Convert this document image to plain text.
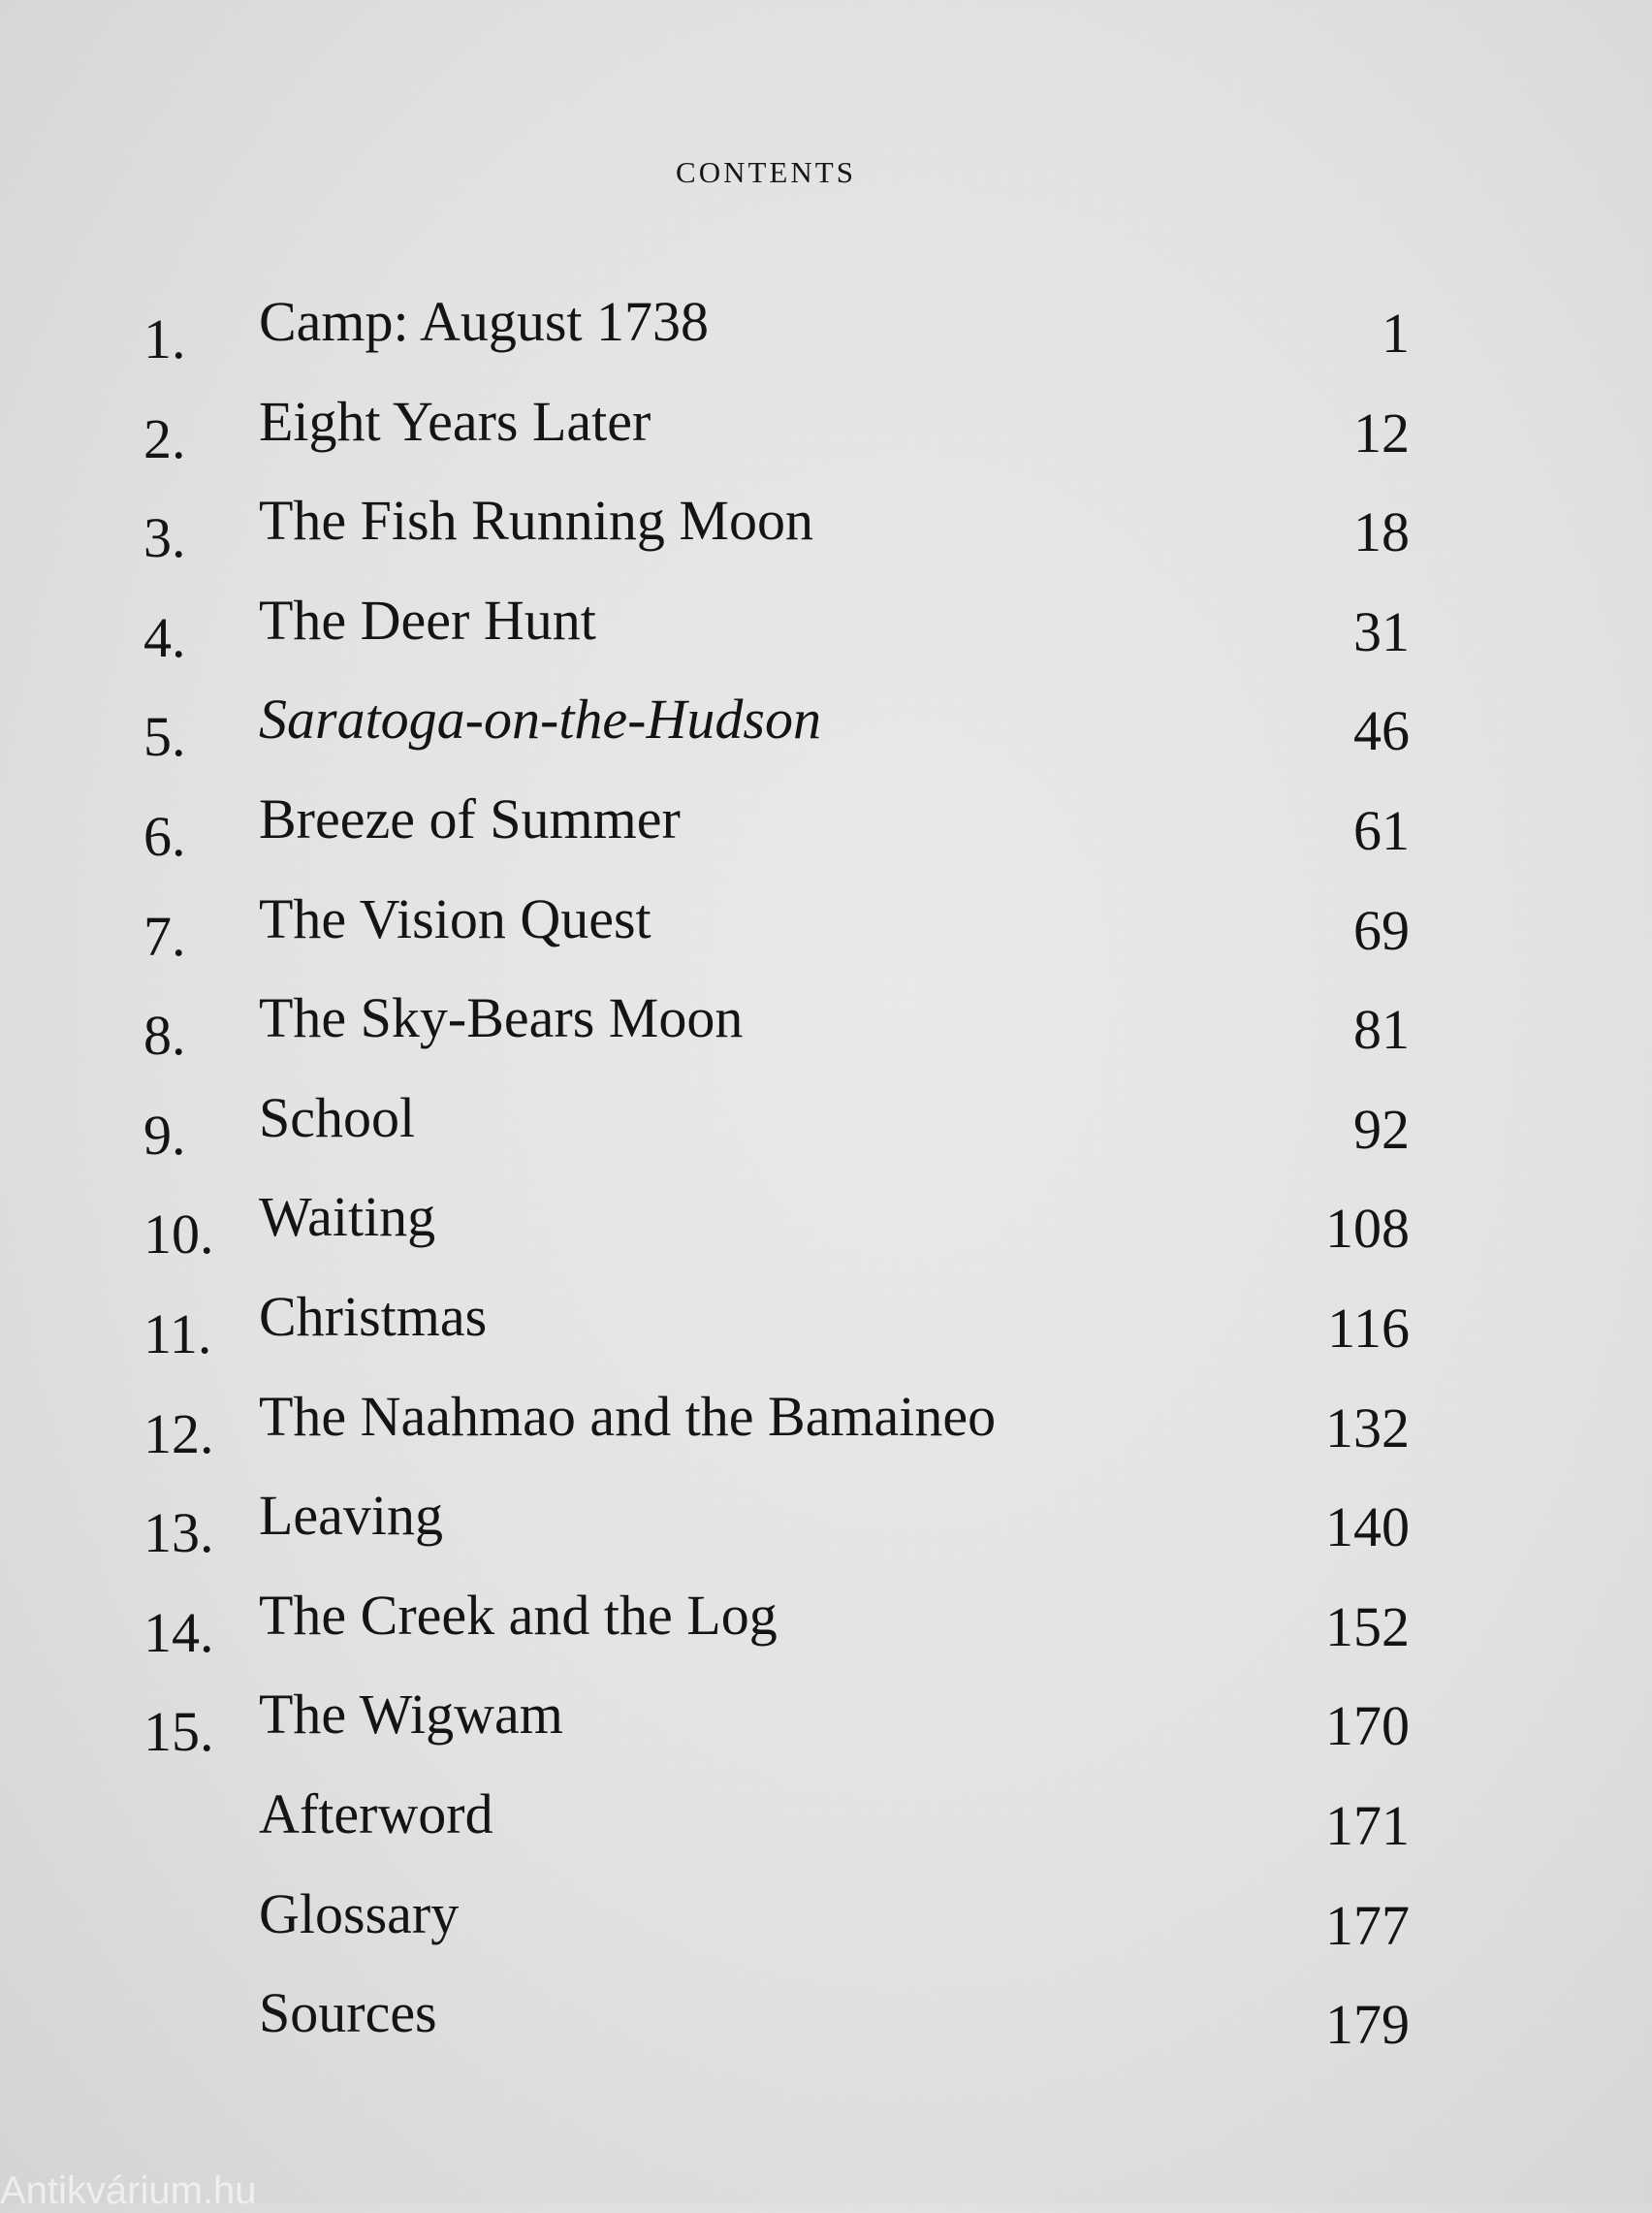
contents
1.	Camp: August 1738	1
2.	Eight Years Later	12
3.	The Fish Running Moon	18
4.	The Deer Hunt	31
5.	Saratoga-on-the-Hudson	46
6.	Breeze of Summer	61
7.	The Vision Quest	69
8.	The Sky-Bears Moon	81
9.	School	92
10. Waiting	108
11. Christmas	116
12. The Naahmao and the Bamaineo	132
13. Leaving	140
14. The Creek and the Log	152
15. The Wigwam	170
Afterword	171
Glossary	177
Sources	179
Antikvárium.hu
